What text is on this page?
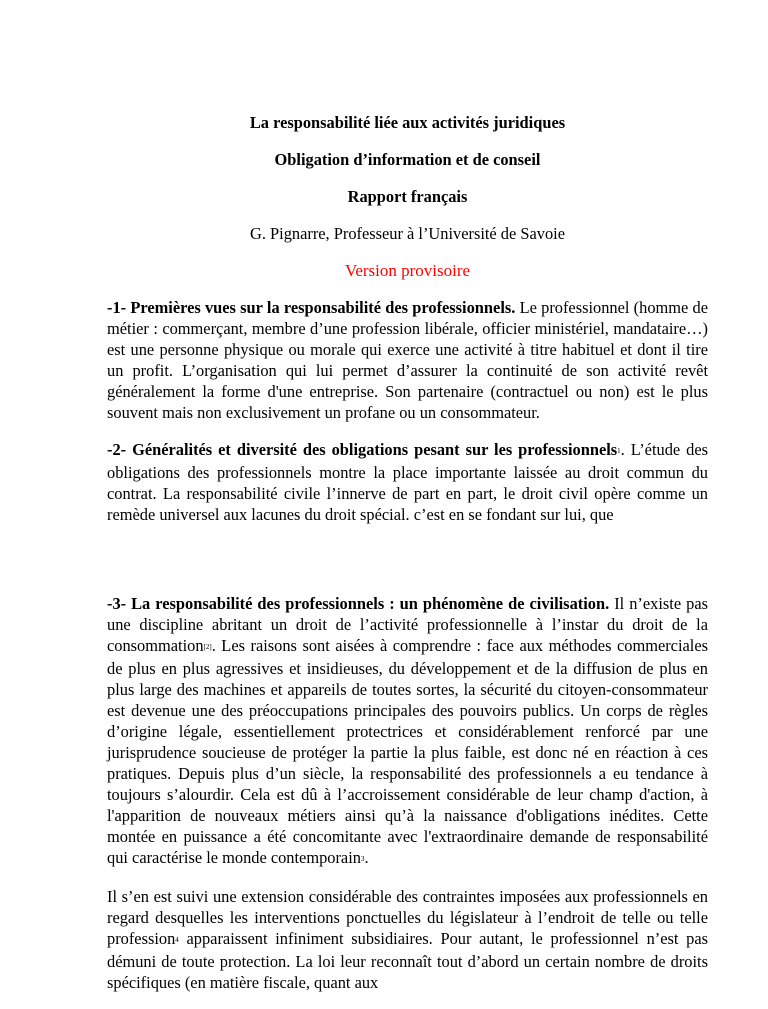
La responsabilité liée aux activités juridiques

Obligation d’information et de conseil

Rapport français

G. Pignarre, Professeur à l’Université de Savoie

Version provisoire

-1- Premières vues sur la responsabilité des professionnels. Le professionnel (homme de métier : commerçant, membre d’une profession libérale, officier ministériel, mandataire…) est une personne physique ou morale qui exerce une activité à titre habituel et dont il tire un profit. L’organisation qui lui permet d’assurer la continuité de son activité revêt généralement la forme d'une entreprise. Son partenaire (contractuel ou non) est le plus souvent mais non exclusivement un profane ou un consommateur.

-2- Généralités et diversité des obligations pesant sur les professionnels$^1$. L’étude des obligations des professionnels montre la place importante laissée au droit commun du contrat. La responsabilité civile l’innerve de part en part, le droit civil opère comme un remède universel aux lacunes du droit spécial. c’est en se fondant sur lui, que

-3- La responsabilité des professionnels : un phénomène de civilisation. Il n’existe pas une discipline abritant un droit de l’activité professionnelle à l’instar du droit de la consommation[2]. Les raisons sont aisées à comprendre : face aux méthodes commerciales de plus en plus agressives et insidieuses, du développement et de la diffusion de plus en plus large des machines et appareils de toutes sortes, la sécurité du citoyen-consommateur est devenue une des préoccupations principales des pouvoirs publics. Un corps de règles d’origine légale, essentiellement protectrices et considérablement renforcé par une jurisprudence soucieuse de protéger la partie la plus faible, est donc né en réaction à ces pratiques. Depuis plus d’un siècle, la responsabilité des professionnels a eu tendance à toujours s’alourdir. Cela est dû à l’accroissement considérable de leur champ d'action, à l'apparition de nouveaux métiers ainsi qu’à la naissance d'obligations inédites. Cette montée en puissance a été concomitante avec l'extraordinaire demande de responsabilité qui caractérise le monde contemporain$^3$.

Il s’en est suivi une extension considérable des contraintes imposées aux professionnels en regard desquelles les interventions ponctuelles du législateur à l’endroit de telle ou telle profession$^4$ apparaissent infiniment subsidiaires. Pour autant, le professionnel n’est pas démuni de toute protection. La loi leur reconnaît tout d’abord un certain nombre de droits spécifiques (en matière fiscale, quant aux
